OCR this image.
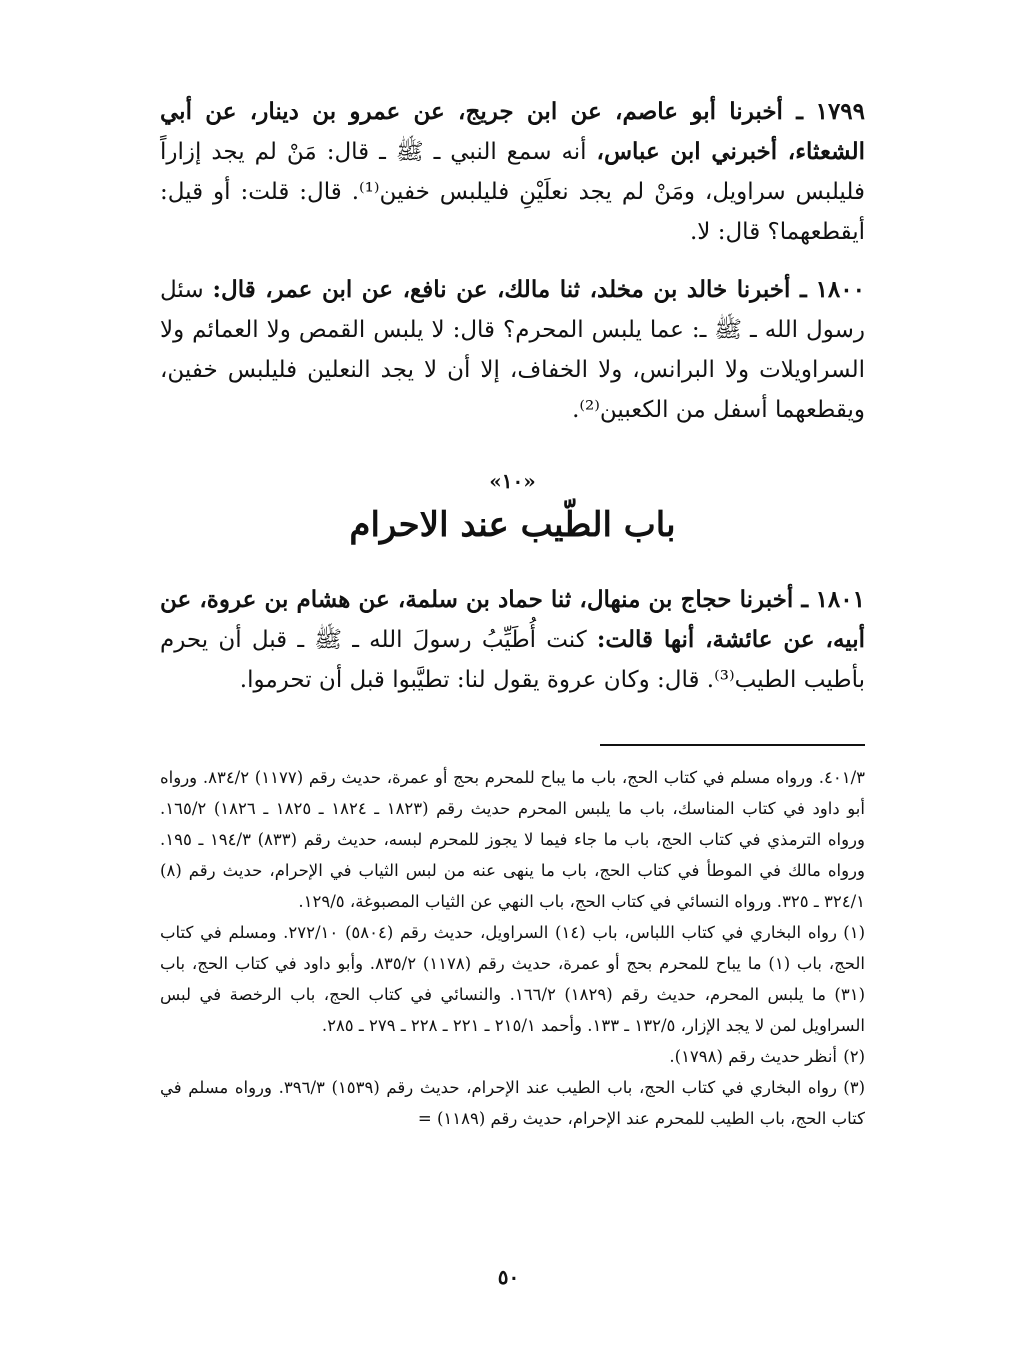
١٧٩٩ ـ أخبرنا أبو عاصم، عن ابن جريج، عن عمرو بن دينار، عن أبي الشعثاء، أخبرني ابن عباس، أنه سمع النبي ـ ﷺ ـ قال: مَنْ لم يجد إزاراً فليلبس سراويل، ومَنْ لم يجد نعلَيْنِ فليلبس خفين⁽¹⁾. قال: قلت: أو قيل: أيقطعهما؟ قال: لا.

١٨٠٠ ـ أخبرنا خالد بن مخلد، ثنا مالك، عن نافع، عن ابن عمر، قال: سئل رسول الله ـ ﷺ ـ: عما يلبس المحرم؟ قال: لا يلبس القمص ولا العمائم ولا السراويلات ولا البرانس، ولا الخفاف، إلا أن لا يجد النعلين فليلبس خفين، ويقطعهما أسفل من الكعبين⁽²⁾.

«١٠»
باب الطّيب عند الاحرام

١٨٠١ ـ أخبرنا حجاج بن منهال، ثنا حماد بن سلمة، عن هشام بن عروة، عن أبيه، عن عائشة، أنها قالت: كنت أُطَيِّبُ رسولَ الله ـ ﷺ ـ قبل أن يحرم بأطيب الطيب⁽³⁾. قال: وكان عروة يقول لنا: تطيَّبوا قبل أن تحرموا.

٤٠١/٣. ورواه مسلم في كتاب الحج، باب ما يباح للمحرم بحج أو عمرة، حديث رقم (١١٧٧) ٨٣٤/٢. ورواه أبو داود في كتاب المناسك، باب ما يلبس المحرم حديث رقم (١٨٢٣ ـ ١٨٢٤ ـ ١٨٢٥ ـ ١٨٢٦) ١٦٥/٢. ورواه الترمذي في كتاب الحج، باب ما جاء فيما لا يجوز للمحرم لبسه، حديث رقم (٨٣٣) ١٩٤/٣ ـ ١٩٥. ورواه مالك في الموطأ في كتاب الحج، باب ما ينهى عنه من لبس الثياب في الإحرام، حديث رقم (٨) ٣٢٤/١ ـ ٣٢٥. ورواه النسائي في كتاب الحج، باب النهي عن الثياب المصبوغة، ١٢٩/٥.

(١)رواه البخاري في كتاب اللباس، باب (١٤) السراويل، حديث رقم (٥٨٠٤) ٢٧٢/١٠. ومسلم في كتاب الحج، باب (١) ما يباح للمحرم بحج أو عمرة، حديث رقم (١١٧٨) ٨٣٥/٢. وأبو داود في كتاب الحج، باب (٣١) ما يلبس المحرم، حديث رقم (١٨٢٩) ١٦٦/٢. والنسائي في كتاب الحج، باب الرخصة في لبس السراويل لمن لا يجد الإزار، ١٣٢/٥ ـ ١٣٣. وأحمد ٢١٥/١ ـ ٢٢١ ـ ٢٢٨ ـ ٢٧٩ ـ ٢٨٥.

(٢)أنظر حديث رقم (١٧٩٨).

(٣)رواه البخاري في كتاب الحج، باب الطيب عند الإحرام، حديث رقم (١٥٣٩) ٣٩٦/٣. ورواه مسلم في كتاب الحج، باب الطيب للمحرم عند الإحرام، حديث رقم (١١٨٩) =

٥٠
